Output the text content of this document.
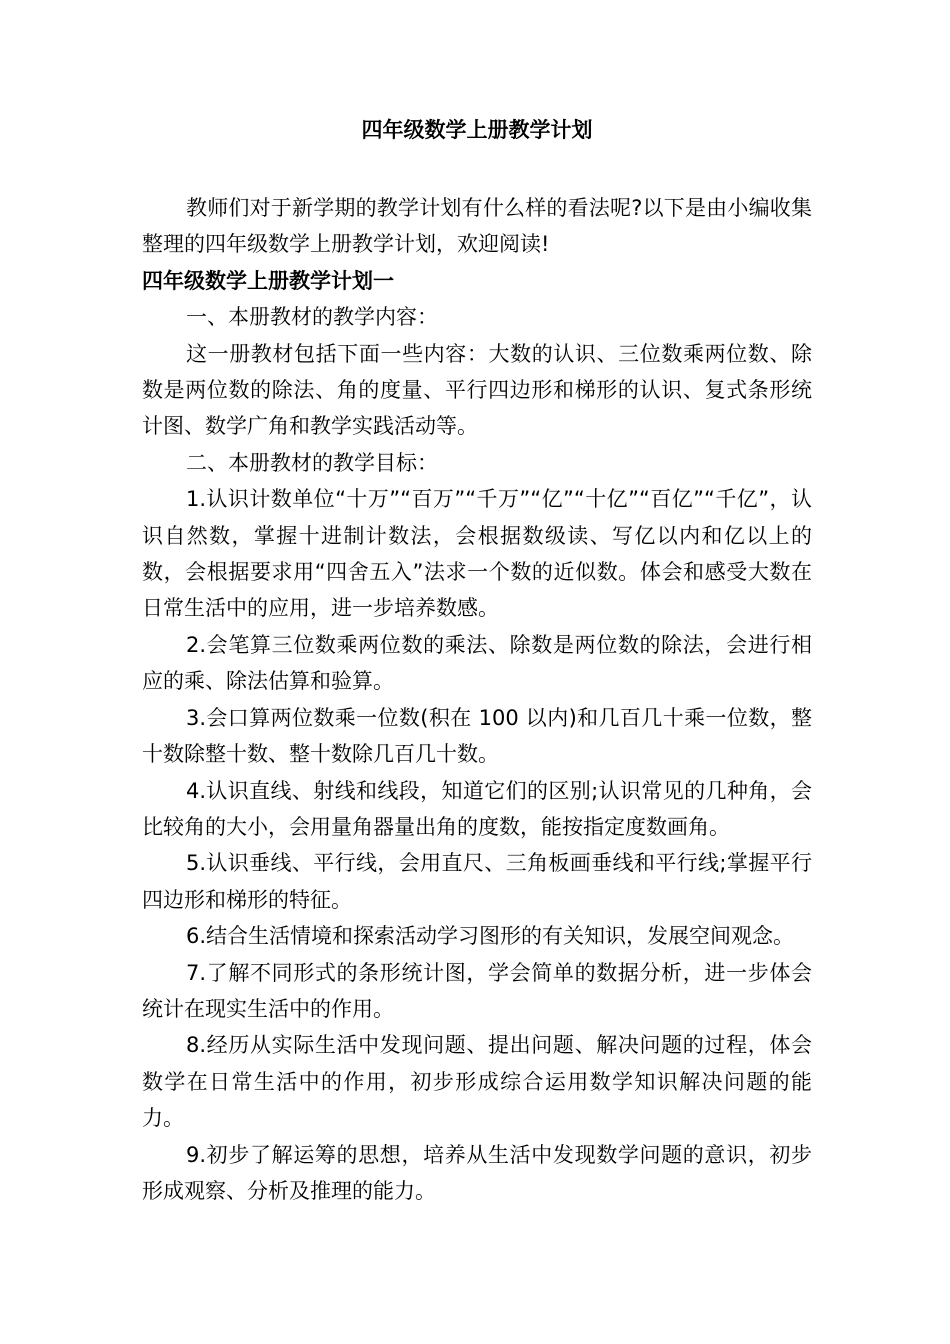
四年级数学上册教学计划

教师们对于新学期的教学计划有什么样的看法呢?以下是由小编收集整理的四年级数学上册教学计划，欢迎阅读!

四年级数学上册教学计划一

一、本册教材的教学内容：

这一册教材包括下面一些内容：大数的认识、三位数乘两位数、除数是两位数的除法、角的度量、平行四边形和梯形的认识、复式条形统计图、数学广角和教学实践活动等。

二、本册教材的教学目标：

1.认识计数单位“十万”“百万”“千万”“亿”“十亿”“百亿”“千亿”，认识自然数，掌握十进制计数法，会根据数级读、写亿以内和亿以上的数，会根据要求用“四舍五入”法求一个数的近似数。体会和感受大数在日常生活中的应用，进一步培养数感。

2.会笔算三位数乘两位数的乘法、除数是两位数的除法，会进行相应的乘、除法估算和验算。

3.会口算两位数乘一位数(积在 100 以内)和几百几十乘一位数，整十数除整十数、整十数除几百几十数。

4.认识直线、射线和线段，知道它们的区别;认识常见的几种角，会比较角的大小，会用量角器量出角的度数，能按指定度数画角。

5.认识垂线、平行线，会用直尺、三角板画垂线和平行线;掌握平行四边形和梯形的特征。

6.结合生活情境和探索活动学习图形的有关知识，发展空间观念。

7.了解不同形式的条形统计图，学会简单的数据分析，进一步体会统计在现实生活中的作用。

8.经历从实际生活中发现问题、提出问题、解决问题的过程，体会数学在日常生活中的作用，初步形成综合运用数学知识解决问题的能力。

9.初步了解运筹的思想，培养从生活中发现数学问题的意识，初步形成观察、分析及推理的能力。
